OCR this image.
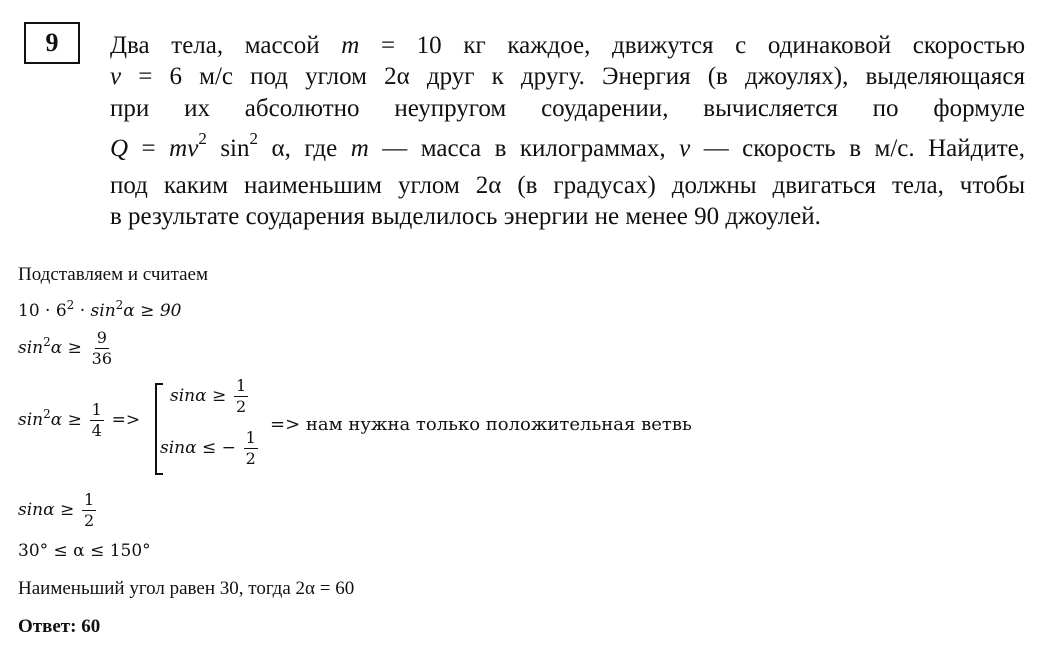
9	Два тела, массой m = 10 кг каждое, движутся с одинаковой скоростью
v = 6 м/с под углом 2α друг к другу. Энергия (в джоулях), выделяющаяся
при их абсолютно неупругом соударении, вычисляется по формуле
$Q = mv^2$ $\sin^2 \alpha$, где m — масса в килограммах, v — скорость в м/с. Найдите,
под каким наименьшим углом 2α (в градусах) должны двигаться тела, чтобы
в результате соударения выделилось энергии не менее 90 джоулей.
Подставляем и считаем
$10 \cdot 6^2 \cdot \sin^2\alpha \ge 90$
$\sin^2\alpha \ge \frac{9}{36}$
$\sin^2\alpha \ge \frac{1}{4}$ =>
$\sin\alpha \ge \frac{1}{2}$
sinα ≤ − $\frac{1}{2}$
=> нам нужна только положительная ветвь
$\sin\alpha \ge \frac{1}{2}$
30° ≤ α ≤ 150°
Наименьший угол равен 30, тогда 2α = 60
Ответ: 60
